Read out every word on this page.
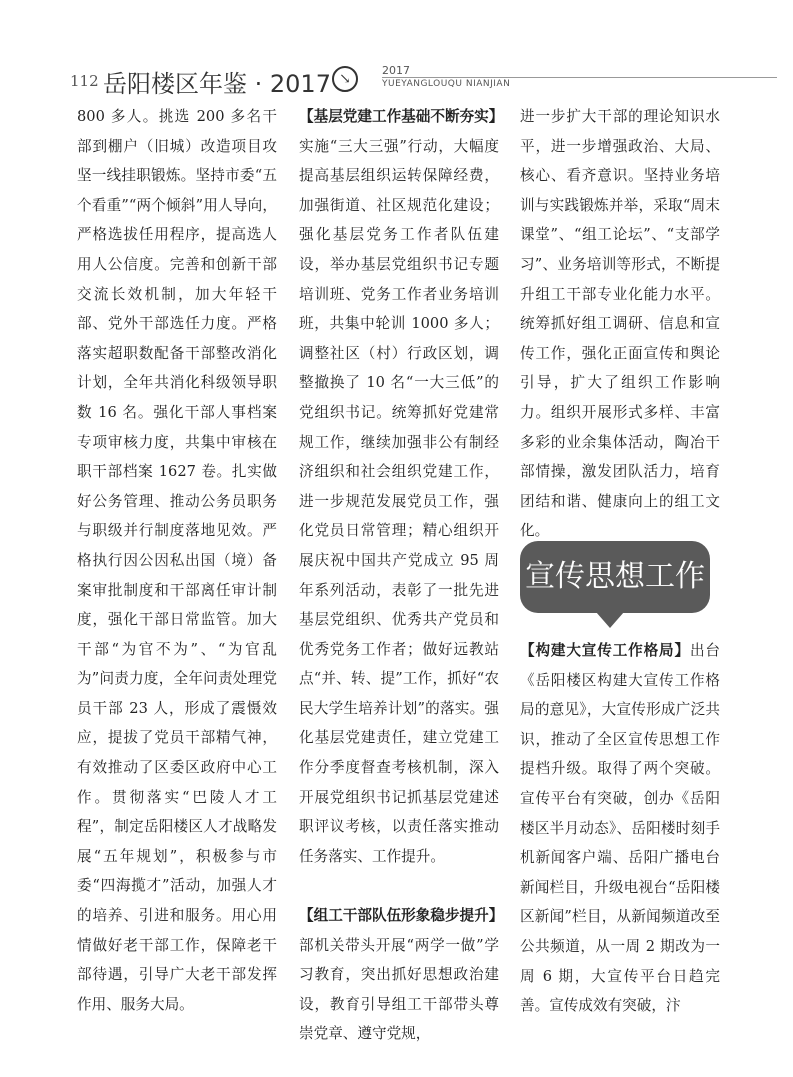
112 岳阳楼区年鉴 · 2017 ↘
2017
YUEYANGLOUQU NIANJIAN
800 多人。挑选 200 多名干部到棚户（旧城）改造项目攻坚一线挂职锻炼。坚持市委“五个看重”“两个倾斜”用人导向，严格选拔任用程序，提高选人用人公信度。完善和创新干部交流长效机制，加大年轻干部、党外干部选任力度。严格落实超职数配备干部整改消化计划，全年共消化科级领导职数 16 名。强化干部人事档案专项审核力度，共集中审核在职干部档案 1627 卷。扎实做好公务管理、推动公务员职务与职级并行制度落地见效。严格执行因公因私出国（境）备案审批制度和干部离任审计制度，强化干部日常监管。加大干部“为官不为”、“为官乱为”问责力度，全年问责处理党员干部 23 人，形成了震慑效应，提拔了党员干部精气神，有效推动了区委区政府中心工作。贯彻落实“巴陵人才工程”，制定岳阳楼区人才战略发展“五年规划”，积极参与市委“四海揽才”活动，加强人才的培养、引进和服务。用心用情做好老干部工作，保障老干部待遇，引导广大老干部发挥作用、服务大局。
【基层党建工作基础不断夯实】实施“三大三强”行动，大幅度提高基层组织运转保障经费，加强街道、社区规范化建设；强化基层党务工作者队伍建设，举办基层党组织书记专题培训班、党务工作者业务培训班，共集中轮训 1000 多人；调整社区（村）行政区划，调整撤换了 10 名“一大三低”的党组织书记。统筹抓好党建常规工作，继续加强非公有制经济组织和社会组织党建工作，进一步规范发展党员工作，强化党员日常管理；精心组织开展庆祝中国共产党成立 95 周年系列活动，表彰了一批先进基层党组织、优秀共产党员和优秀党务工作者；做好远教站点“并、转、提”工作，抓好“农民大学生培养计划”的落实。强化基层党建责任，建立党建工作分季度督查考核机制，深入开展党组织书记抓基层党建述职评议考核，以责任落实推动任务落实、工作提升。
【组工干部队伍形象稳步提升】部机关带头开展“两学一做”学习教育，突出抓好思想政治建设，教育引导组工干部带头尊崇党章、遵守党规，
进一步扩大干部的理论知识水平，进一步增强政治、大局、核心、看齐意识。坚持业务培训与实践锻炼并举，采取“周末课堂”、“组工论坛”、“支部学习”、业务培训等形式，不断提升组工干部专业化能力水平。统筹抓好组工调研、信息和宣传工作，强化正面宣传和舆论引导，扩大了组织工作影响力。组织开展形式多样、丰富多彩的业余集体活动，陶冶干部情操，激发团队活力，培育团结和谐、健康向上的组工文化。
宣传思想工作
【构建大宣传工作格局】出台《岳阳楼区构建大宣传工作格局的意见》，大宣传形成广泛共识，推动了全区宣传思想工作提档升级。取得了两个突破。宣传平台有突破，创办《岳阳楼区半月动态》、岳阳楼时刻手机新闻客户端、岳阳广播电台新闻栏目，升级电视台“岳阳楼区新闻”栏目，从新闻频道改至公共频道，从一周 2 期改为一周 6 期，大宣传平台日趋完善。宣传成效有突破，汴
